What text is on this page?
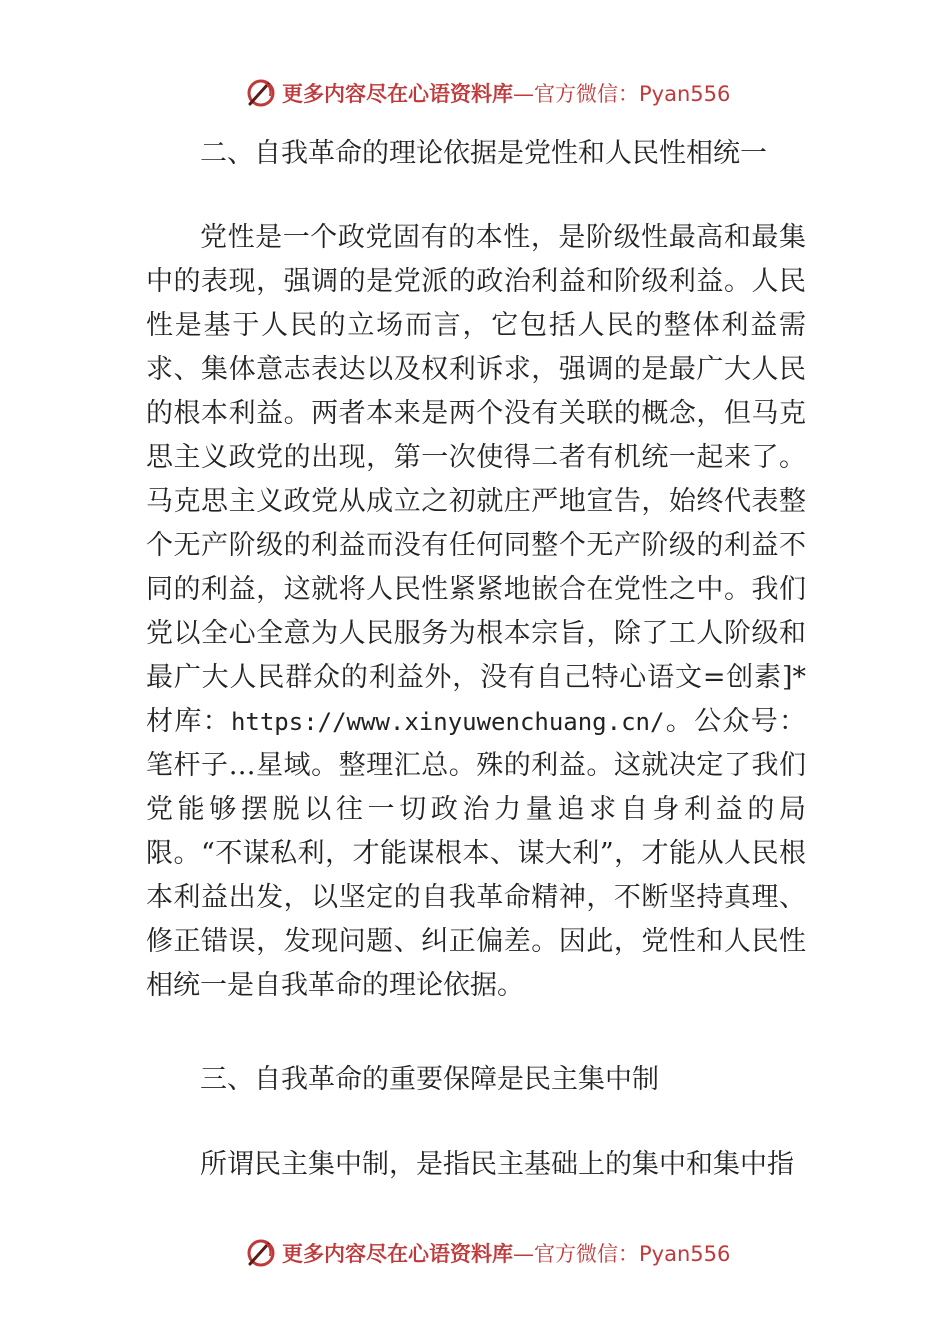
更多内容尽在心语资料库 —官方微信：Pyan556

二、自我革命的理论依据是党性和人民性相统一

党性是一个政党固有的本性，是阶级性最高和最集中的表现，强调的是党派的政治利益和阶级利益。人民性是基于人民的立场而言，它包括人民的整体利益需求、集体意志表达以及权利诉求，强调的是最广大人民的根本利益。两者本来是两个没有关联的概念，但马克思主义政党的出现，第一次使得二者有机统一起来了。马克思主义政党从成立之初就庄严地宣告，始终代表整个无产阶级的利益而没有任何同整个无产阶级的利益不同的利益，这就将人民性紧紧地嵌合在党性之中。我们党以全心全意为人民服务为根本宗旨，除了工人阶级和最广大人民群众的利益外，没有自己特心语文=创素]*材库：https://www.xinyuwenchuang.cn/。公众号：笔杆子…星域。整理汇总。殊的利益。这就决定了我们党能够摆脱以往一切政治力量追求自身利益的局限。“不谋私利，才能谋根本、谋大利”，才能从人民根本利益出发，以坚定的自我革命精神，不断坚持真理、修正错误，发现问题、纠正偏差。因此，党性和人民性相统一是自我革命的理论依据。

三、自我革命的重要保障是民主集中制

所谓民主集中制，是指民主基础上的集中和集中指

更多内容尽在心语资料库 —官方微信：Pyan556
